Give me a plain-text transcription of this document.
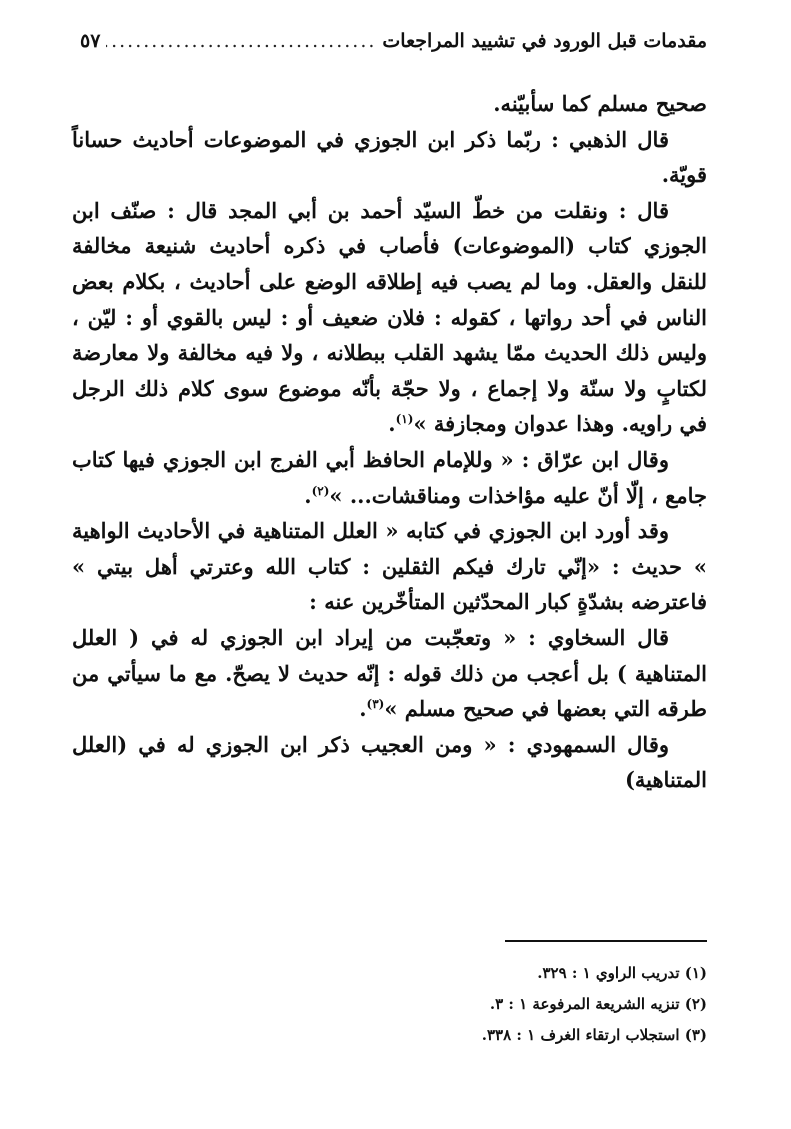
مقدمات قبل الورود في تشييد المراجعات
.....
٥٧

صحيح مسلم كما سأبيّنه.

قال الذهبي : ربّما ذكر ابن الجوزي في الموضوعات أحاديث حساناً قويّة.

قال : ونقلت من خطّ السيّد أحمد بن أبي المجد قال : صنّف ابن الجوزي كتاب (الموضوعات) فأصاب في ذكره أحاديث شنيعة مخالفة للنقل والعقل. وما لم يصب فيه إطلاقه الوضع على أحاديث ، بكلام بعض الناس في أحد رواتها ، كقوله : فلان ضعيف أو : ليس بالقوي أو : ليّن ، وليس ذلك الحديث ممّا يشهد القلب ببطلانه ، ولا فيه مخالفة ولا معارضة لكتابٍ ولا سنّة ولا إجماع ، ولا حجّة بأنّه موضوع سوى كلام ذلك الرجل في راويه. وهذا عدوان ومجازفة »$^{(١)}$.

وقال ابن عرّاق : « وللإمام الحافظ أبي الفرج ابن الجوزي فيها كتاب جامع ، إلّا أنّ عليه مؤاخذات ومناقشات... »$^{(٢)}$.

وقد أورد ابن الجوزي في كتابه « العلل المتناهية في الأحاديث الواهية » حديث : «إنّي تارك فيكم الثقلين : كتاب الله وعترتي أهل بيتي » فاعترضه بشدّةٍ كبار المحدّثين المتأخّرين عنه :

قال السخاوي : « وتعجّبت من إيراد ابن الجوزي له في ( العلل المتناهية ) بل أعجب من ذلك قوله : إنّه حديث لا يصحّ. مع ما سيأتي من طرقه التي بعضها في صحيح مسلم »$^{(٣)}$.

وقال السمهودي : « ومن العجيب ذكر ابن الجوزي له في (العلل المتناهية)

(١) تدريب الراوي ١ : ٣٢٩.

(٢) تنزيه الشريعة المرفوعة ١ : ٣.

(٣) استجلاب ارتقاء الغرف ١ : ٣٣٨.
